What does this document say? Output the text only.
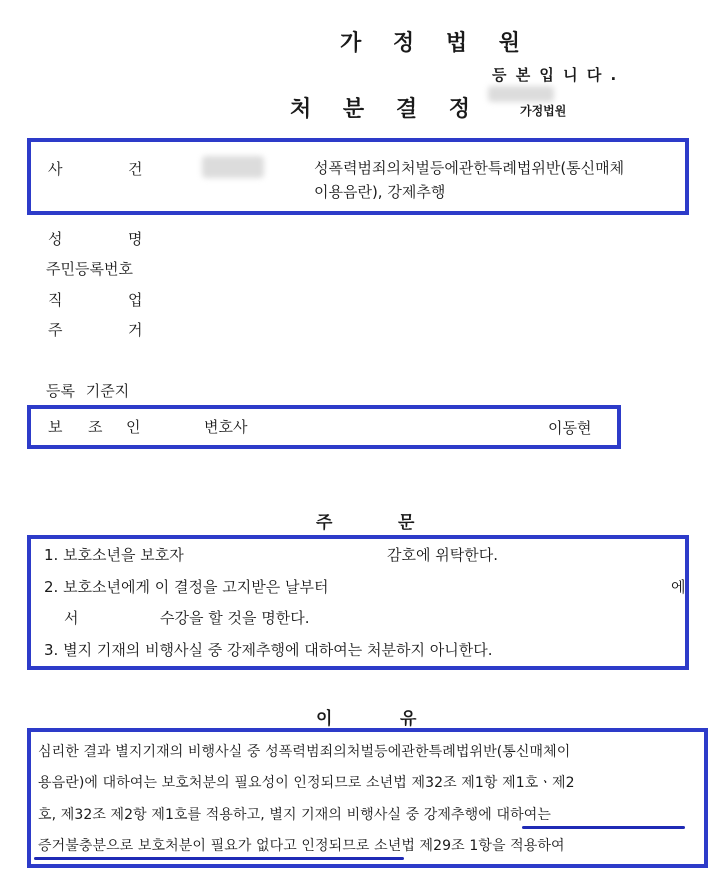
가 정 법 원
등 본 입 니 다 .
가정법원
처 분 결 정
사	건	성폭력범죄의처벌등에관한특례법위반(통신매체
이용음란), 강제추행
성	명
주민등록번호
직	업
주	거
등록 기준지
보 조 인	변호사	이동현
주	문
1. 보호소년을 보호자	감호에 위탁한다.
2. 보호소년에게 이 결정을 고지받은 날부터	에
서	수강을 할 것을 명한다.
3. 별지 기재의 비행사실 중 강제추행에 대하여는 처분하지 아니한다.
이	유
심리한 결과 별지기재의 비행사실 중 성폭력범죄의처벌등에관한특례법위반(통신매체이
용음란)에 대하여는 보호처분의 필요성이 인정되므로 소년법 제32조 제1항 제1호ㆍ제2
호, 제32조 제2항 제1호를 적용하고, 별지 기재의 비행사실 중 강제추행에 대하여는
증거불충분으로 보호처분이 필요가 없다고 인정되므로 소년법 제29조 1항을 적용하여
